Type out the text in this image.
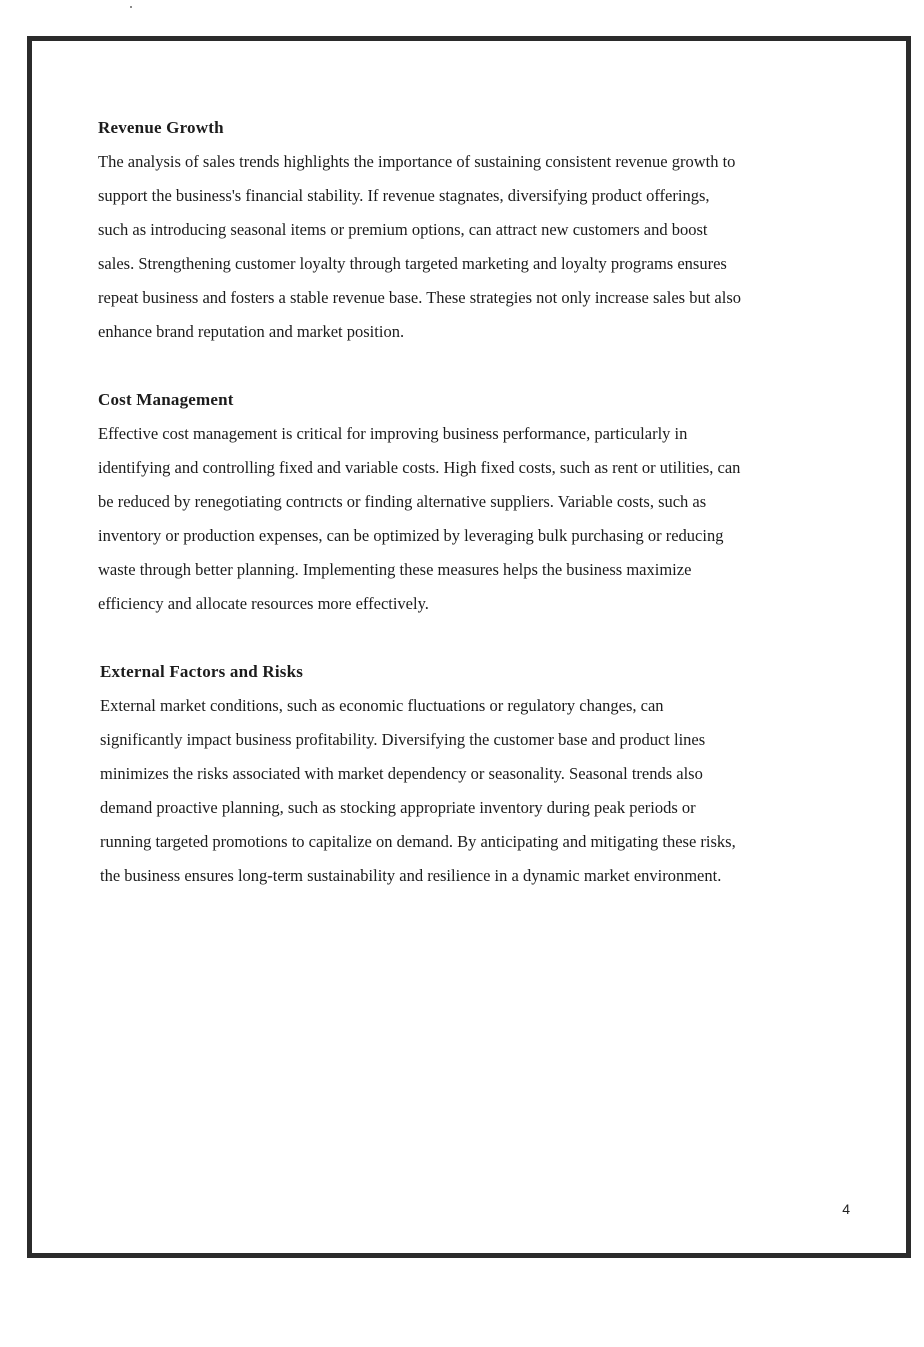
Revenue Growth

The analysis of sales trends highlights the importance of sustaining consistent revenue growth to
support the business's financial stability. If revenue stagnates, diversifying product offerings,
such as introducing seasonal items or premium options, can attract new customers and boost
sales. Strengthening customer loyalty through targeted marketing and loyalty programs ensures
repeat business and fosters a stable revenue base. These strategies not only increase sales but also
enhance brand reputation and market position.

Cost Management

Effective cost management is critical for improving business performance, particularly in
identifying and controlling fixed and variable costs. High fixed costs, such as rent or utilities, can
be reduced by renegotiating contrıcts or finding alternative suppliers. Variable costs, such as
inventory or production expenses, can be optimized by leveraging bulk purchasing or reducing
waste through better planning. Implementing these measures helps the business maximize
efficiency and allocate resources more effectively.

External Factors and Risks

External market conditions, such as economic fluctuations or regulatory changes, can
significantly impact business profitability. Diversifying the customer base and product lines
minimizes the risks associated with market dependency or seasonality. Seasonal trends also
demand proactive planning, such as stocking appropriate inventory during peak periods or
running targeted promotions to capitalize on demand. By anticipating and mitigating these risks,
the business ensures long-term sustainability and resilience in a dynamic market environment.

4
